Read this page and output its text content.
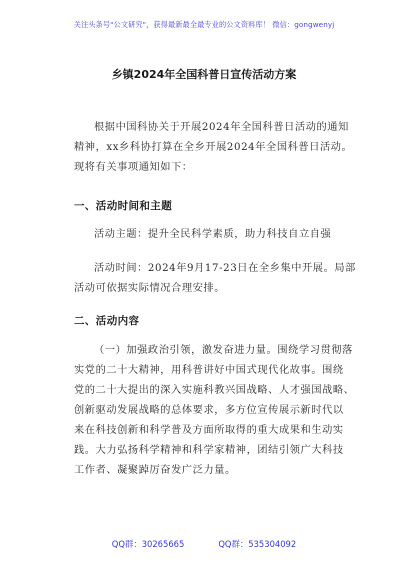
关注头条号"公文研究"，获得最新最全最专业的公文资料库！ 微信：gongwenyj
乡镇2024年全国科普日宣传活动方案
根据中国科协关于开展2024年全国科普日活动的通知
精神，xx乡科协打算在全乡开展2024年全国科普日活动。
现将有关事项通知如下：
一、活动时间和主题
活动主题：提升全民科学素质，助力科技自立自强
活动时间：2024年9月17-23日在全乡集中开展。局部
活动可依据实际情况合理安排。
二、活动内容
（一）加强政治引领，激发奋进力量。围绕学习贯彻落
实党的二十大精神，用科普讲好中国式现代化故事。围绕
党的二十大提出的深入实施科教兴国战略、人才强国战略、
创新驱动发展战略的总体要求，多方位宣传展示新时代以
来在科技创新和科学普及方面所取得的重大成果和生动实
践。大力弘扬科学精神和科学家精神，团结引领广大科技
工作者、凝聚踔厉奋发广泛力量。
QQ群：30265665	QQ群：535304092
